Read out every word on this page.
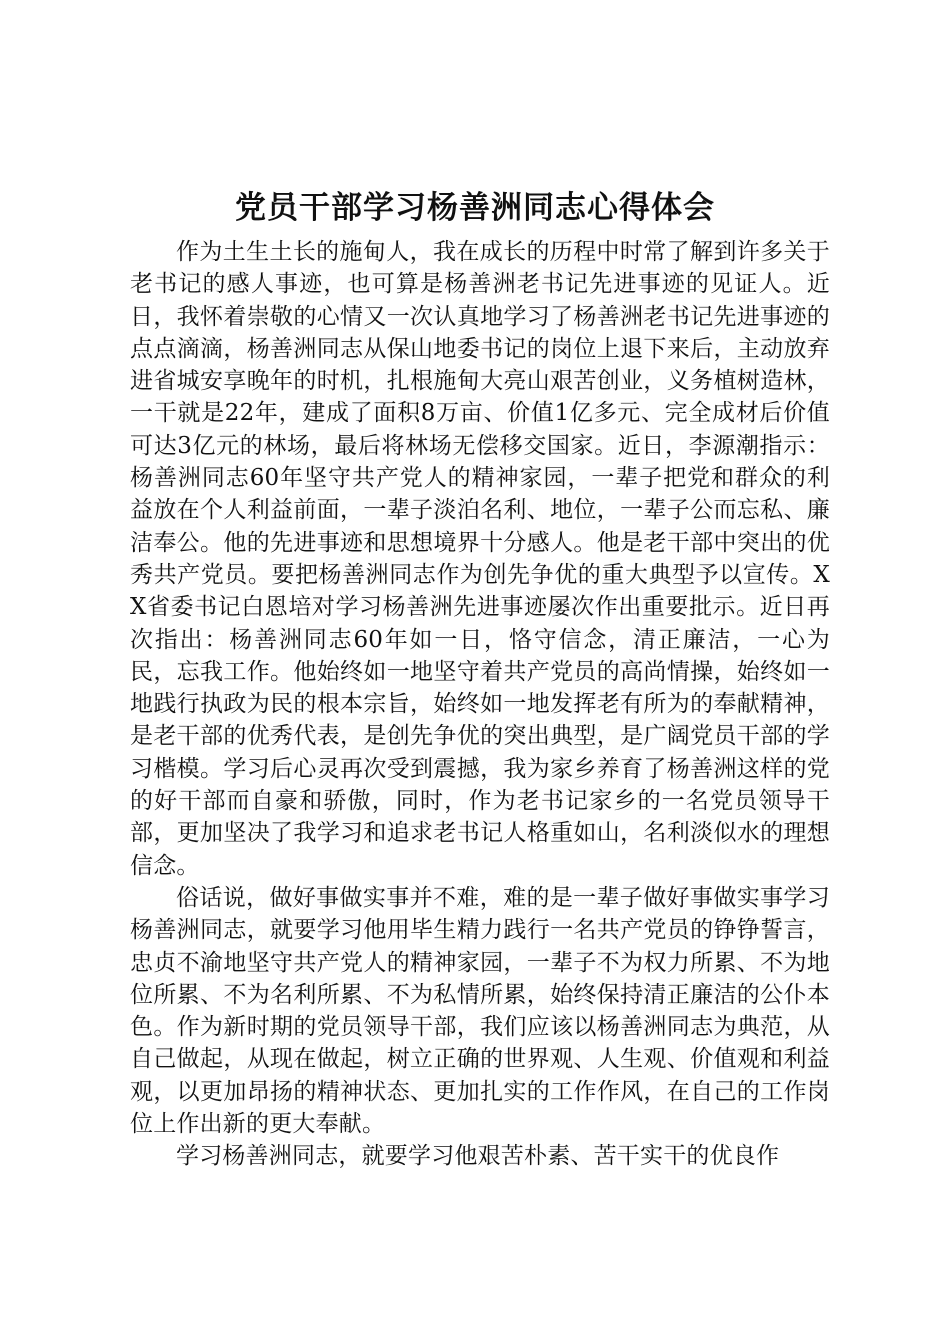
党员干部学习杨善洲同志心得体会

作为土生土长的施甸人，我在成长的历程中时常了解到许多关于老书记的感人事迹，也可算是杨善洲老书记先进事迹的见证人。近日，我怀着崇敬的心情又一次认真地学习了杨善洲老书记先进事迹的点点滴滴，杨善洲同志从保山地委书记的岗位上退下来后，主动放弃进省城安享晚年的时机，扎根施甸大亮山艰苦创业，义务植树造林，一干就是22年，建成了面积8万亩、价值1亿多元、完全成材后价值可达3亿元的林场，最后将林场无偿移交国家。近日，李源潮指示：杨善洲同志60年坚守共产党人的精神家园，一辈子把党和群众的利益放在个人利益前面，一辈子淡泊名利、地位，一辈子公而忘私、廉洁奉公。他的先进事迹和思想境界十分感人。他是老干部中突出的优秀共产党员。要把杨善洲同志作为创先争优的重大典型予以宣传。XX省委书记白恩培对学习杨善洲先进事迹屡次作出重要批示。近日再次指出：杨善洲同志60年如一日，恪守信念，清正廉洁，一心为民，忘我工作。他始终如一地坚守着共产党员的高尚情操，始终如一地践行执政为民的根本宗旨，始终如一地发挥老有所为的奉献精神，是老干部的优秀代表，是创先争优的突出典型，是广阔党员干部的学习楷模。学习后心灵再次受到震撼，我为家乡养育了杨善洲这样的党的好干部而自豪和骄傲，同时，作为老书记家乡的一名党员领导干部，更加坚决了我学习和追求老书记人格重如山，名利淡似水的理想信念。

俗话说，做好事做实事并不难，难的是一辈子做好事做实事学习杨善洲同志，就要学习他用毕生精力践行一名共产党员的铮铮誓言，忠贞不渝地坚守共产党人的精神家园，一辈子不为权力所累、不为地位所累、不为名利所累、不为私情所累，始终保持清正廉洁的公仆本色。作为新时期的党员领导干部，我们应该以杨善洲同志为典范，从自己做起，从现在做起，树立正确的世界观、人生观、价值观和利益观，以更加昂扬的精神状态、更加扎实的工作作风，在自己的工作岗位上作出新的更大奉献。

学习杨善洲同志，就要学习他艰苦朴素、苦干实干的优良作
